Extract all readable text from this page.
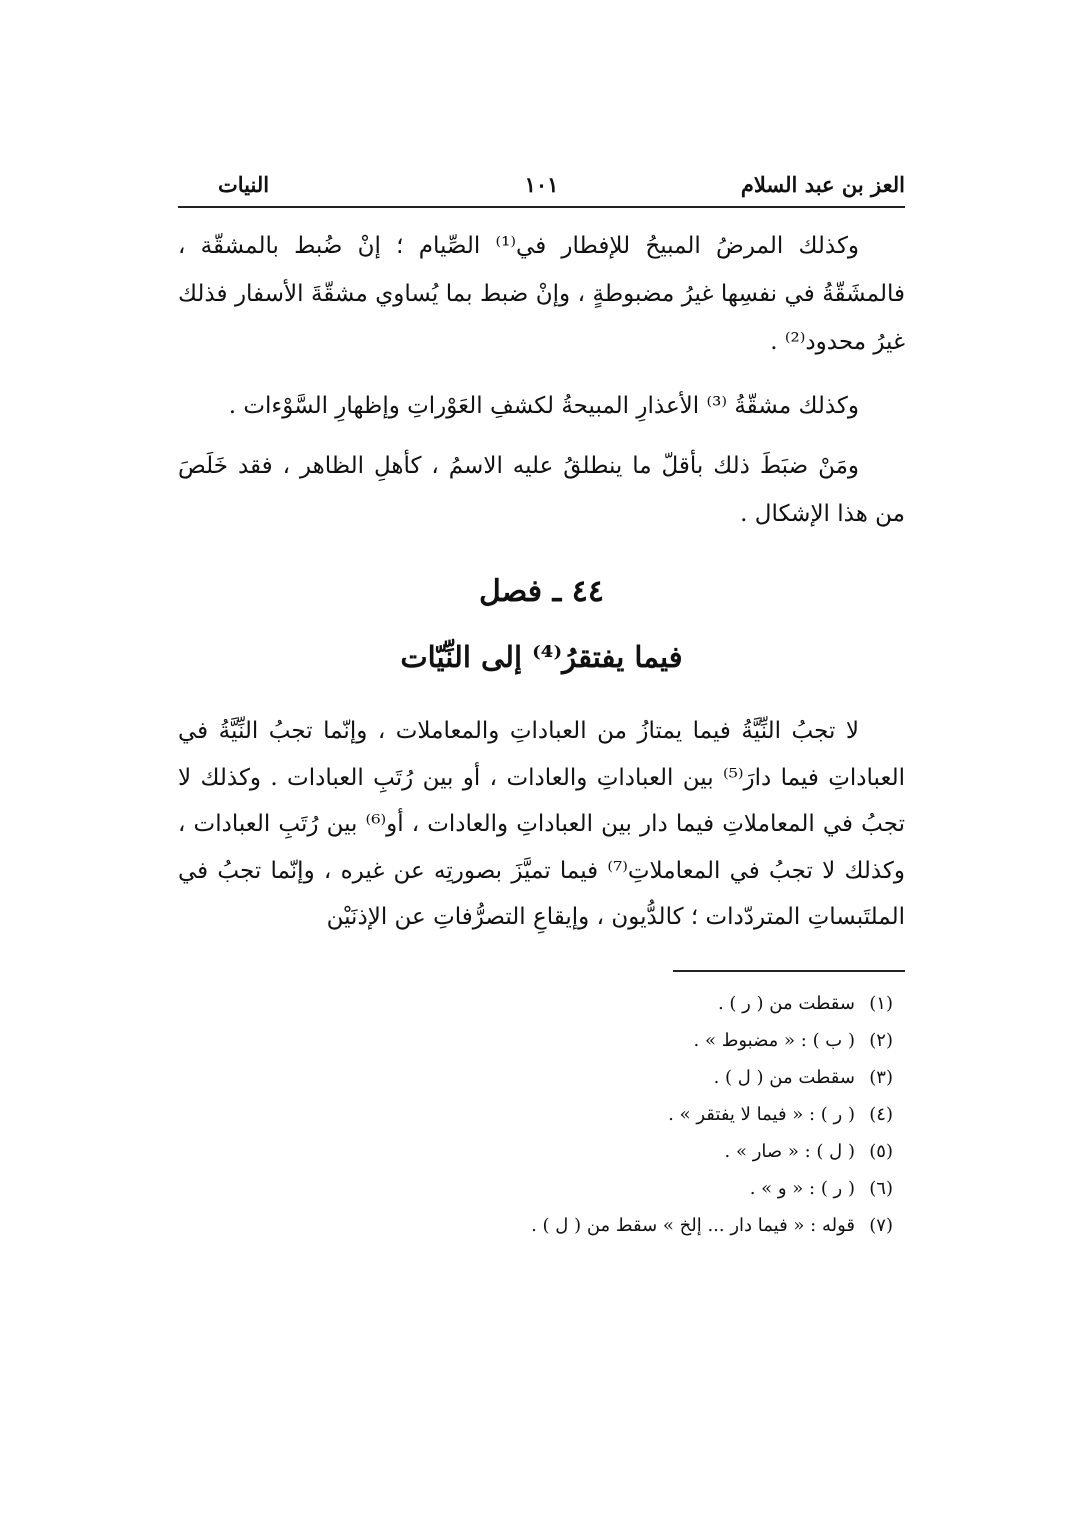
العز بن عبد السلام
١٠١
النيات

وكذلك المرضُ المبيحُ للإفطار في⁽¹⁾ الصِّيام ؛ إنْ ضُبط بالمشقّة ، فالمشَقّةُ في نفسِها غيرُ مضبوطةٍ ، وإنْ ضبط بما يُساوي مشقّةَ الأسفار فذلك غيرُ محدود⁽²⁾ .

وكذلك مشقّةُ ⁽³⁾ الأعذارِ المبيحةُ لكشفِ العَوْراتِ وإظهارِ السَّوْءات .

ومَنْ ضبَطَ ذلك بأقلّ ما ينطلقُ عليه الاسمُ ، كأهلِ الظاهر ، فقد خَلَصَ من هذا الإشكال .

٤٤ ـ فصل
فيما يفتقرُ⁽⁴⁾ إلى النِّيّات

لا تجبُ النِّيَّةُ فيما يمتازُ من العباداتِ والمعاملات ، وإنّما تجبُ النِّيَّةُ في العباداتِ فيما دارَ⁽⁵⁾ بين العباداتِ والعادات ، أو بين رُتَبِ العبادات . وكذلك لا تجبُ في المعاملاتِ فيما دار بين العباداتِ والعادات ، أو⁽⁶⁾ بين رُتَبِ العبادات ، وكذلك لا تجبُ في المعاملاتِ⁽⁷⁾ فيما تميَّزَ بصورتِه عن غيره ، وإنّما تجبُ في الملتَبساتِ المتردّدات ؛ كالدُّيون ، وإيقاعِ التصرُّفاتِ عن الإذنَيْن

(١)سقطت من ( ر ) .
(٢)( ب ) : « مضبوط » .
(٣)سقطت من ( ل ) .
(٤)( ر ) : « فيما لا يفتقر » .
(٥)( ل ) : « صار » .
(٦)( ر ) : « و » .
(٧)قوله : « فيما دار ... إلخ » سقط من ( ل ) .
